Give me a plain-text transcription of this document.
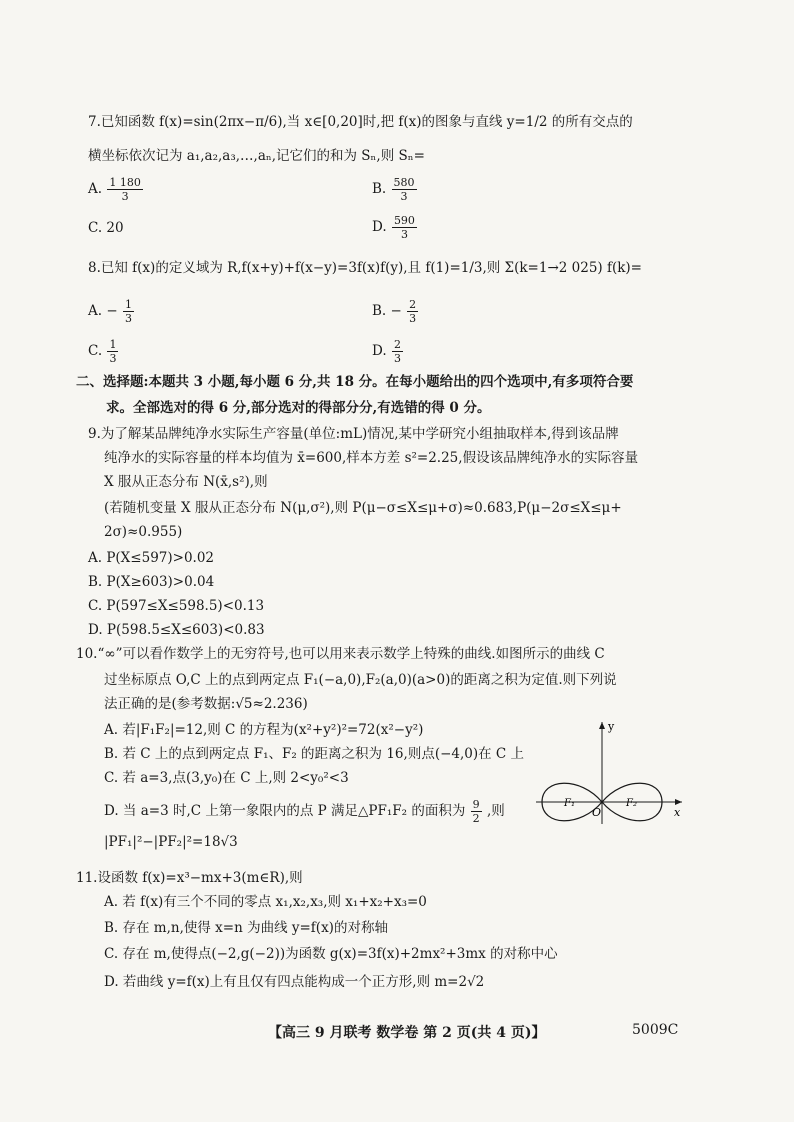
7.已知函数 f(x)=sin(2πx−π/6),当 x∈[0,20]时,把 f(x)的图象与直线 y=1/2 的所有交点的
横坐标依次记为 a₁,a₂,a₃,…,aₙ,记它们的和为 Sₙ,则 Sₙ=
A. $\frac{1 180}{3}$	B. $\frac{580}{3}$
C. 20	D. $\frac{590}{3}$
8.已知 f(x)的定义域为 R,f(x+y)+f(x−y)=3f(x)f(y),且 f(1)=1/3,则 Σ(k=1→2 025) f(k)=
A. − $\frac{1}{3}$	B. − $\frac{2}{3}$
C. $\frac{1}{3}$	D. $\frac{2}{3}$
二、选择题:本题共 3 小题,每小题 6 分,共 18 分。在每小题给出的四个选项中,有多项符合要
求。全部选对的得 6 分,部分选对的得部分分,有选错的得 0 分。
9.为了解某品牌纯净水实际生产容量(单位:mL)情况,某中学研究小组抽取样本,得到该品牌
纯净水的实际容量的样本均值为 x̄=600,样本方差 s²=2.25,假设该品牌纯净水的实际容量
X 服从正态分布 N(x̄,s²),则
(若随机变量 X 服从正态分布 N(μ,σ²),则 P(μ−σ≤X≤μ+σ)≈0.683,P(μ−2σ≤X≤μ+
2σ)≈0.955)
A. P(X≤597)>0.02
B. P(X≥603)>0.04
C. P(597≤X≤598.5)<0.13
D. P(598.5≤X≤603)<0.83
10.“∞”可以看作数学上的无穷符号,也可以用来表示数学上特殊的曲线.如图所示的曲线 C
过坐标原点 O,C 上的点到两定点 F₁(−a,0),F₂(a,0)(a>0)的距离之积为定值.则下列说
法正确的是(参考数据:√5≈2.236)
A. 若|F₁F₂|=12,则 C 的方程为(x²+y²)²=72(x²−y²)
B. 若 C 上的点到两定点 F₁、F₂ 的距离之积为 16,则点(−4,0)在 C 上
C. 若 a=3,点(3,y₀)在 C 上,则 2<y₀²<3
D. 当 a=3 时,C 上第一象限内的点 P 满足△PF₁F₂ 的面积为 $\frac{9}{2}$ ,则
|PF₁|²−|PF₂|²=18√3
y
x
O
F₁	F₂
11.设函数 f(x)=x³−mx+3(m∈R),则
A. 若 f(x)有三个不同的零点 x₁,x₂,x₃,则 x₁+x₂+x₃=0
B. 存在 m,n,使得 x=n 为曲线 y=f(x)的对称轴
C. 存在 m,使得点(−2,g(−2))为函数 g(x)=3f(x)+2mx²+3mx 的对称中心
D. 若曲线 y=f(x)上有且仅有四点能构成一个正方形,则 m=2√2
【高三 9 月联考 数学卷 第 2 页(共 4 页)】	5009C
